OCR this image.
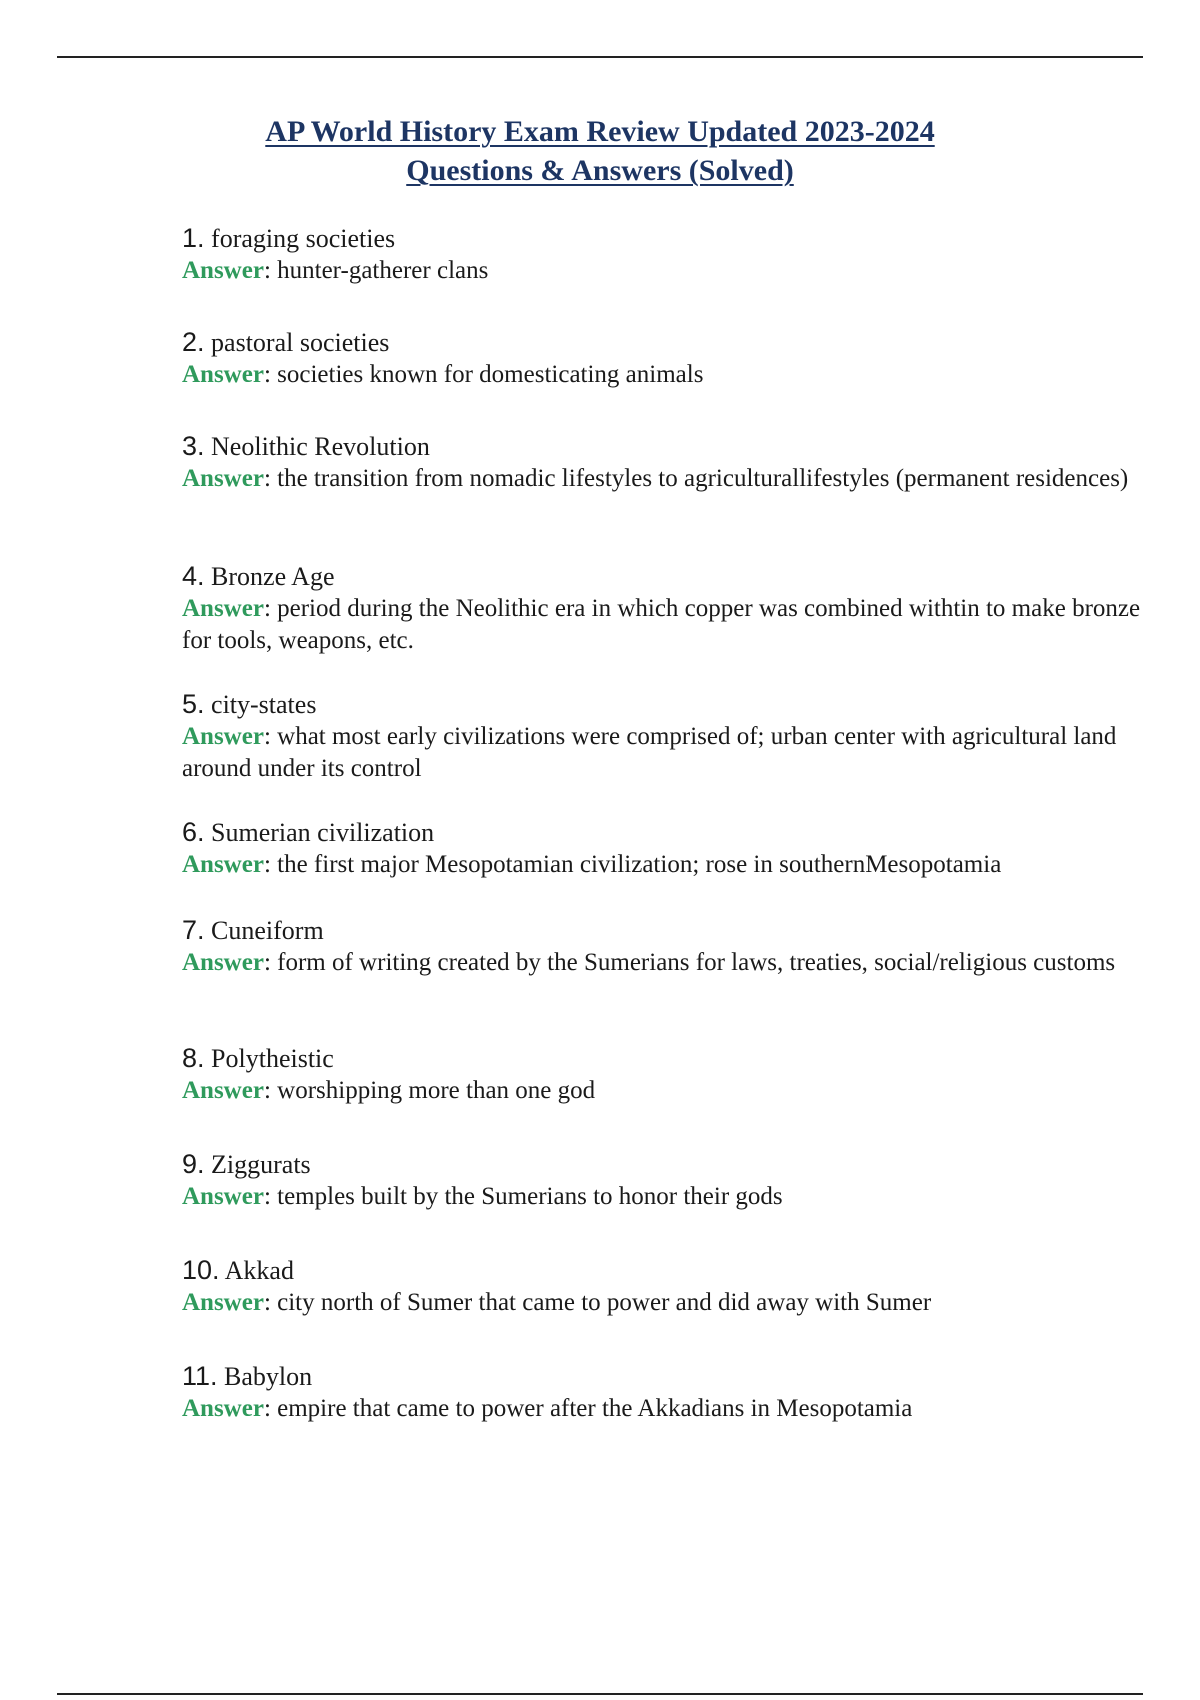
AP World History Exam Review Updated 2023-2024
Questions & Answers (Solved)

1. foraging societies

Answer: hunter-gatherer clans

2. pastoral societies

Answer: societies known for domesticating animals

3. Neolithic Revolution

Answer: the transition from nomadic lifestyles to agriculturallifestyles (permanent residences)

4. Bronze Age

Answer: period during the Neolithic era in which copper was combined withtin to make bronze for tools, weapons, etc.

5. city-states

Answer: what most early civilizations were comprised of; urban center with agricultural land around under its control

6. Sumerian civilization

Answer: the first major Mesopotamian civilization; rose in southernMesopotamia

7. Cuneiform

Answer: form of writing created by the Sumerians for laws, treaties, social/religious customs

8. Polytheistic

Answer: worshipping more than one god

9. Ziggurats

Answer: temples built by the Sumerians to honor their gods

10. Akkad

Answer: city north of Sumer that came to power and did away with Sumer

11. Babylon

Answer: empire that came to power after the Akkadians in Mesopotamia
